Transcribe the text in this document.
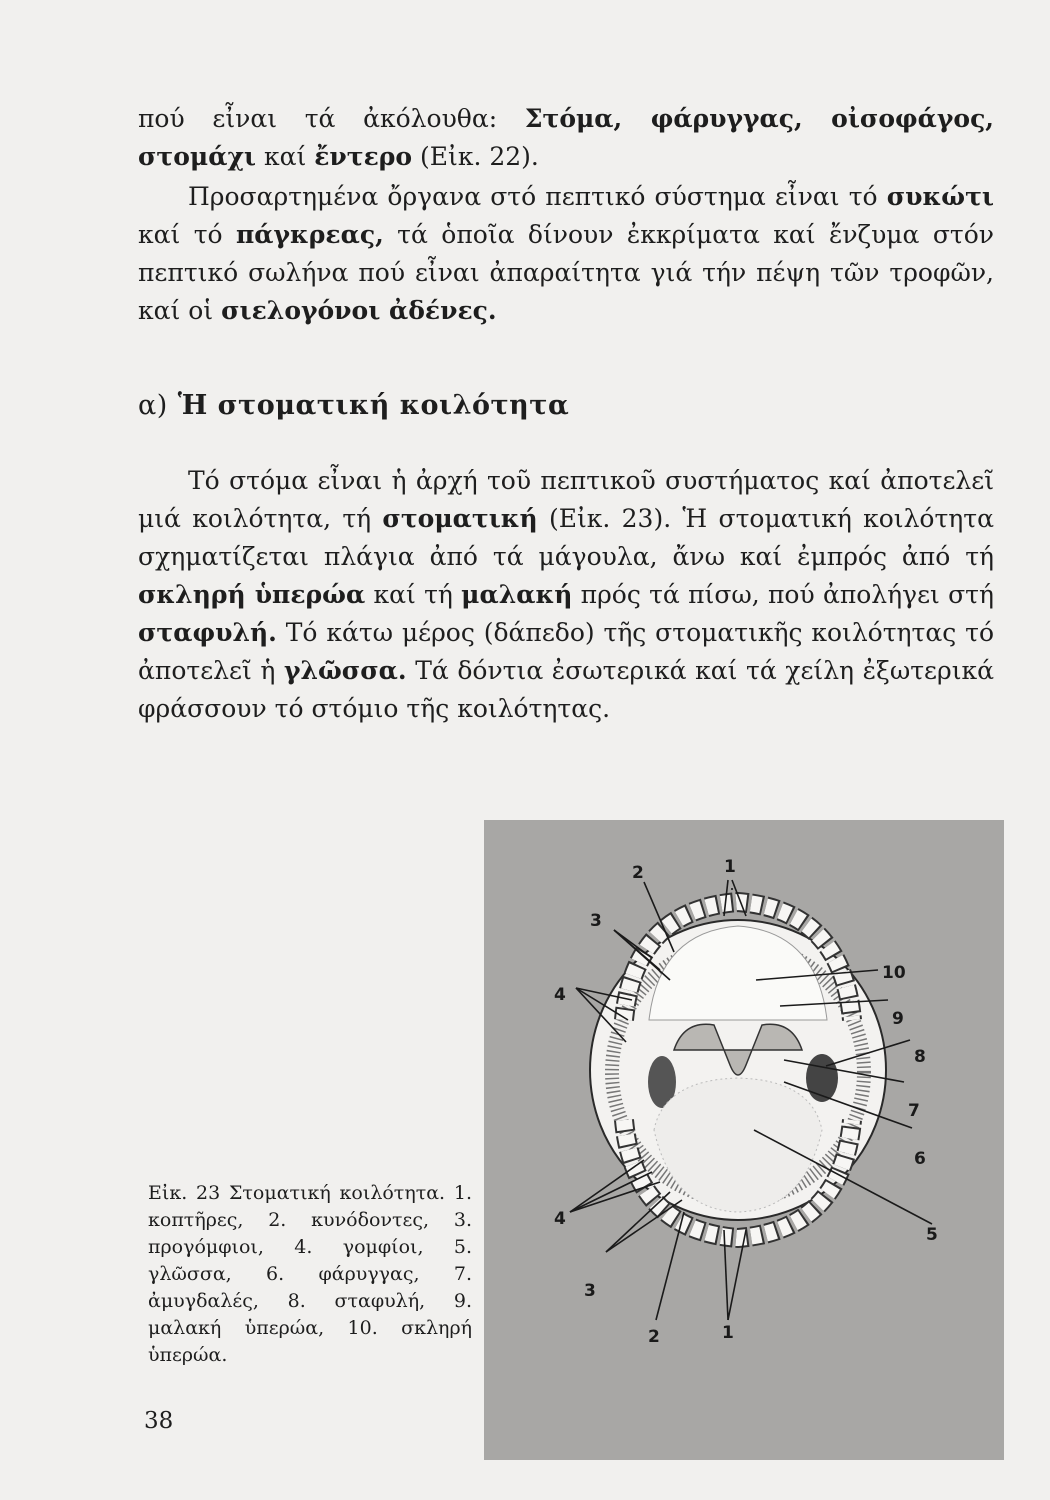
πού εἶναι τά ἀκόλουθα: Στόμα, φάρυγγας, οἰσοφάγος, στομάχι καί ἔντερο (Εἰκ. 22).

Προσαρτημένα ὄργανα στό πεπτικό σύστημα εἶναι τό συκώτι καί τό πάγκρεας, τά ὁποῖα δίνουν ἐκκρίματα καί ἔνζυμα στόν πεπτικό σωλήνα πού εἶναι ἀπαραίτητα γιά τήν πέψη τῶν τροφῶν, καί οἱ σιελογόνοι ἀδένες.

α) Ἡ στοματική κοιλότητα

Τό στόμα εἶναι ἡ ἀρχή τοῦ πεπτικοῦ συστήματος καί ἀποτελεῖ μιά κοιλότητα, τή στοματική (Εἰκ. 23). Ἡ στοματική κοιλότητα σχηματίζεται πλάγια ἀπό τά μάγουλα, ἄνω καί ἐμπρός ἀπό τή σκληρή ὑπερώα καί τή μαλακή πρός τά πίσω, πού ἀπολήγει στή σταφυλή. Τό κάτω μέρος (δάπεδο) τῆς στοματικῆς κοιλότητας τό ἀποτελεῖ ἡ γλῶσσα. Τά δόντια ἐσωτερικά καί τά χείλη ἐξωτερικά φράσσουν τό στόμιο τῆς κοιλότητας.

2	1
3
4
10
9
8
7
6
5
4
3
2	1

Εἰκ. 23 Στοματική κοιλότητα. 1. κοπτῆρες, 2. κυνόδοντες, 3. προγόμφιοι, 4. γομφίοι, 5. γλῶσσα, 6. φάρυγγας, 7. ἀμυγδαλές, 8. σταφυλή, 9. μαλακή ὑπερώα, 10. σκληρή ὑπερώα.

38
